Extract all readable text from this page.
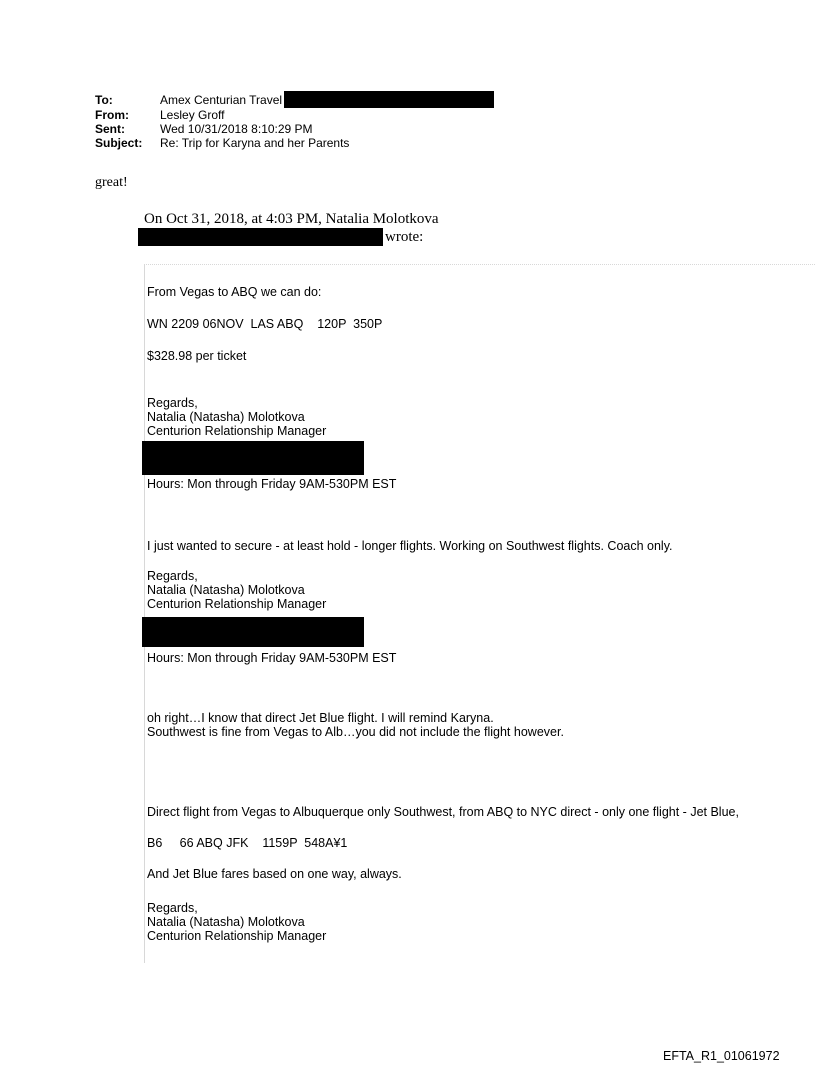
To:	Amex Centurian Travel
From:	Lesley Groff
Sent:	Wed 10/31/2018 8:10:29 PM
Subject:	Re: Trip for Karyna and her Parents
great!
On Oct 31, 2018, at 4:03 PM, Natalia Molotkova
wrote:
From Vegas to ABQ we can do:
WN 2209 06NOV  LAS ABQ    120P  350P
$328.98 per ticket

Regards,

Natalia (Natasha) Molotkova

Centurion Relationship Manager

Hours: Mon through Friday 9AM-530PM EST
I just wanted to secure - at least hold - longer flights. Working on Southwest flights. Coach only.

Regards,

Natalia (Natasha) Molotkova

Centurion Relationship Manager

Hours: Mon through Friday 9AM-530PM EST

oh right…I know that direct Jet Blue flight. I will remind Karyna.

Southwest is fine from Vegas to Alb…you did not include the flight however.

Direct flight from Vegas to Albuquerque only Southwest, from ABQ to NYC direct - only one flight - Jet Blue,
B6     66 ABQ JFK    1159P  548A¥1
And Jet Blue fares based on one way, always.

Regards,

Natalia (Natasha) Molotkova

Centurion Relationship Manager

EFTA_R1_01061972
